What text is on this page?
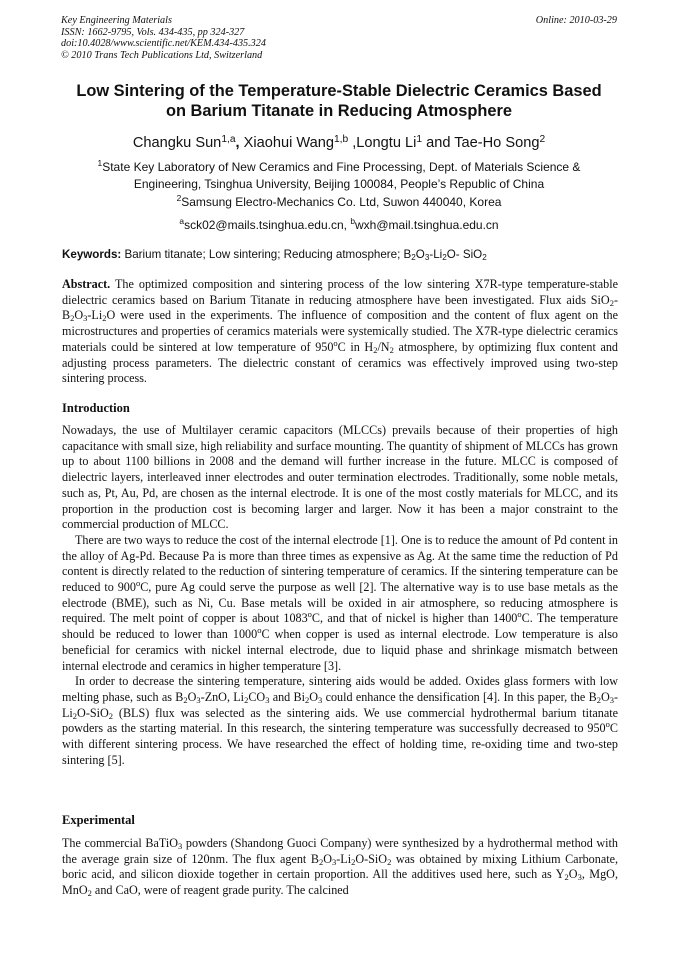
Key Engineering Materials
ISSN: 1662-9795, Vols. 434-435, pp 324-327
doi:10.4028/www.scientific.net/KEM.434-435.324
© 2010 Trans Tech Publications Ltd, Switzerland
Online: 2010-03-29
Low Sintering of the Temperature-Stable Dielectric Ceramics Based
on Barium Titanate in Reducing Atmosphere
Changku Sun$^{1,a}$, Xiaohui Wang$^{1,b}$ ,Longtu Li$^1$ and Tae-Ho Song$^2$
$^1$State Key Laboratory of New Ceramics and Fine Processing, Dept. of Materials Science &
Engineering, Tsinghua University, Beijing 100084, People’s Republic of China
$^2$Samsung Electro-Mechanics Co. Ltd, Suwon 440040, Korea
$^a$sck02@mails.tsinghua.edu.cn, $^b$wxh@mail.tsinghua.edu.cn
Keywords: Barium titanate; Low sintering; Reducing atmosphere; $B_2O_3-Li_2O-$ SiO$_2$

Abstract. The optimized composition and sintering process of the low sintering X7R-type temperature-stable dielectric ceramics based on Barium Titanate in reducing atmosphere have been investigated. Flux aids $SiO_2-B_2O_3-Li_2O$ were used in the experiments. The influence of composition and the content of flux agent on the microstructures and properties of ceramics materials were systemically studied. The X7R-type dielectric ceramics materials could be sintered at low temperature of 950$^o$C in $H_2/N_2$ atmosphere, by optimizing flux content and adjusting process parameters. The dielectric constant of ceramics was effectively improved using two-step sintering process.

Introduction

Nowadays, the use of Multilayer ceramic capacitors (MLCCs) prevails because of their properties of high capacitance with small size, high reliability and surface mounting. The quantity of shipment of MLCCs has grown up to about 1100 billions in 2008 and the demand will further increase in the future. MLCC is composed of dielectric layers, interleaved inner electrodes and outer termination electrodes. Traditionally, some noble metals, such as, Pt, Au, Pd, are chosen as the internal electrode. It is one of the most costly materials for MLCC, and its proportion in the production cost is becoming larger and larger. Now it has been a major constraint to the commercial production of MLCC.

There are two ways to reduce the cost of the internal electrode [1]. One is to reduce the amount of Pd content in the alloy of Ag-Pd. Because Pa is more than three times as expensive as Ag. At the same time the reduction of Pd content is directly related to the reduction of sintering temperature of ceramics. If the sintering temperature can be reduced to 900$^o$C, pure Ag could serve the purpose as well [2]. The alternative way is to use base metals as the electrode (BME), such as Ni, Cu. Base metals will be oxided in air atmosphere, so reducing atmosphere is required. The melt point of copper is about 1083$^o$C, and that of nickel is higher than 1400$^o$C. The temperature should be reduced to lower than 1000$^o$C when copper is used as internal electrode. Low temperature is also beneficial for ceramics with nickel internal electrode, due to liquid phase and shrinkage mismatch between internal electrode and ceramics in higher temperature [3].

In order to decrease the sintering temperature, sintering aids would be added. Oxides glass formers with low melting phase, such as $B_2O_3$-ZnO, $Li_2CO_3$ and $Bi_2O_3$ could enhance the densification [4]. In this paper, the $B_2O_3-Li_2O-SiO_2$ (BLS) flux was selected as the sintering aids. We use commercial hydrothermal barium titanate powders as the starting material. In this research, the sintering temperature was successfully decreased to 950$^o$C with different sintering process. We have researched the effect of holding time, re-oxiding time and two-step sintering [5].

Experimental

The commercial BaTiO$_3$ powders (Shandong Guoci Company) were synthesized by a hydrothermal method with the average grain size of 120nm. The flux agent $B_2O_3-Li_2O-SiO_2$ was obtained by mixing Lithium Carbonate, boric acid, and silicon dioxide together in certain proportion. All the additives used here, such as $Y_2O_3$, MgO, MnO$_2$ and CaO, were of reagent grade purity. The calcined
